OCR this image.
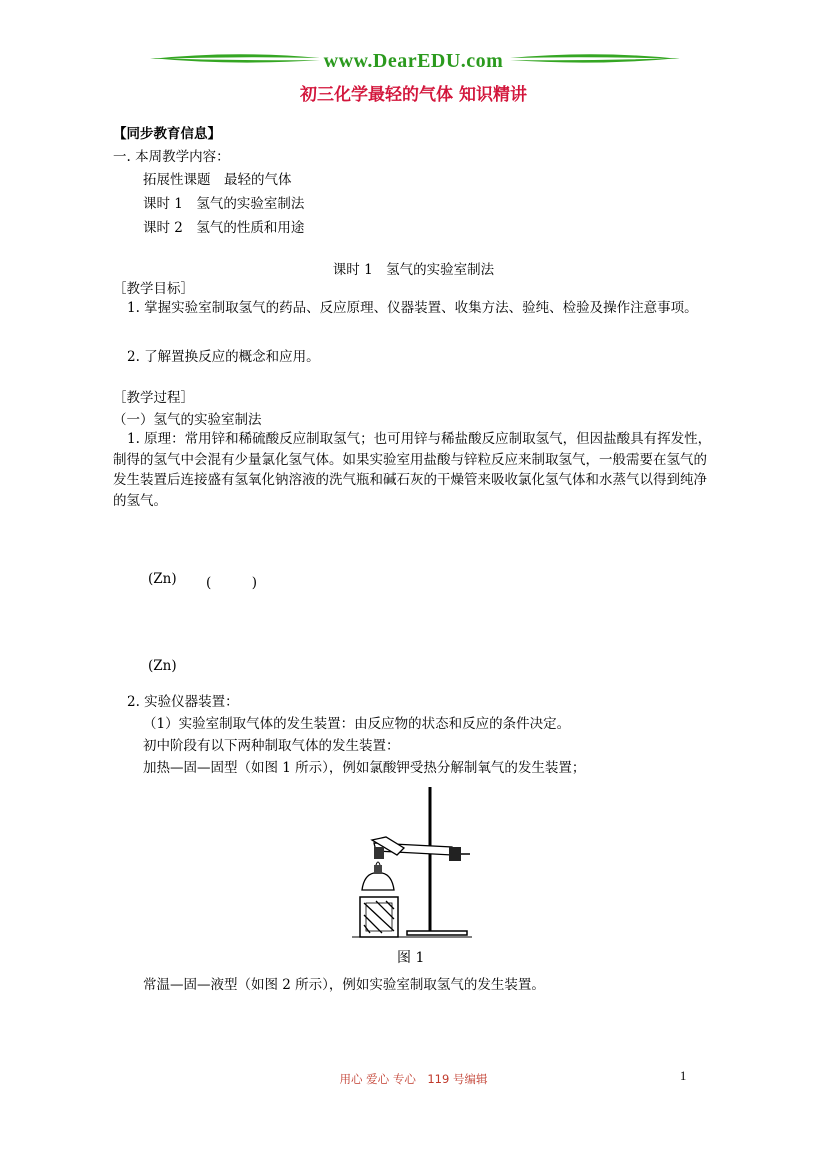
www.DearEDU.com
初三化学最轻的气体 知识精讲
【同步教育信息】
一. 本周教学内容：
拓展性课题　最轻的气体
课时 1　氢气的实验室制法
课时 2　氢气的性质和用途
课时 1　氢气的实验室制法
［教学目标］
1. 掌握实验室制取氢气的药品、反应原理、仪器装置、收集方法、验纯、检验及操作注意事项。
2. 了解置换反应的概念和应用。
［教学过程］
（一）氢气的实验室制法
1. 原理：常用锌和稀硫酸反应制取氢气；也可用锌与稀盐酸反应制取氢气，但因盐酸具有挥发性，制得的氢气中会混有少量氯化氢气体。如果实验室用盐酸与锌粒反应来制取氢气，一般需要在氢气的发生装置后连接盛有氢氧化钠溶液的洗气瓶和碱石灰的干燥管来吸收氯化氢气体和水蒸气以得到纯净的氢气。
(Zn) (　　　)
(Zn)
2. 实验仪器装置：
（1）实验室制取气体的发生装置：由反应物的状态和反应的条件决定。
初中阶段有以下两种制取气体的发生装置：
加热—固—固型（如图 1 所示），例如氯酸钾受热分解制氧气的发生装置；
图 1
常温—固—液型（如图 2 所示），例如实验室制取氢气的发生装置。
用心 爱心 专心　119 号编辑	1
